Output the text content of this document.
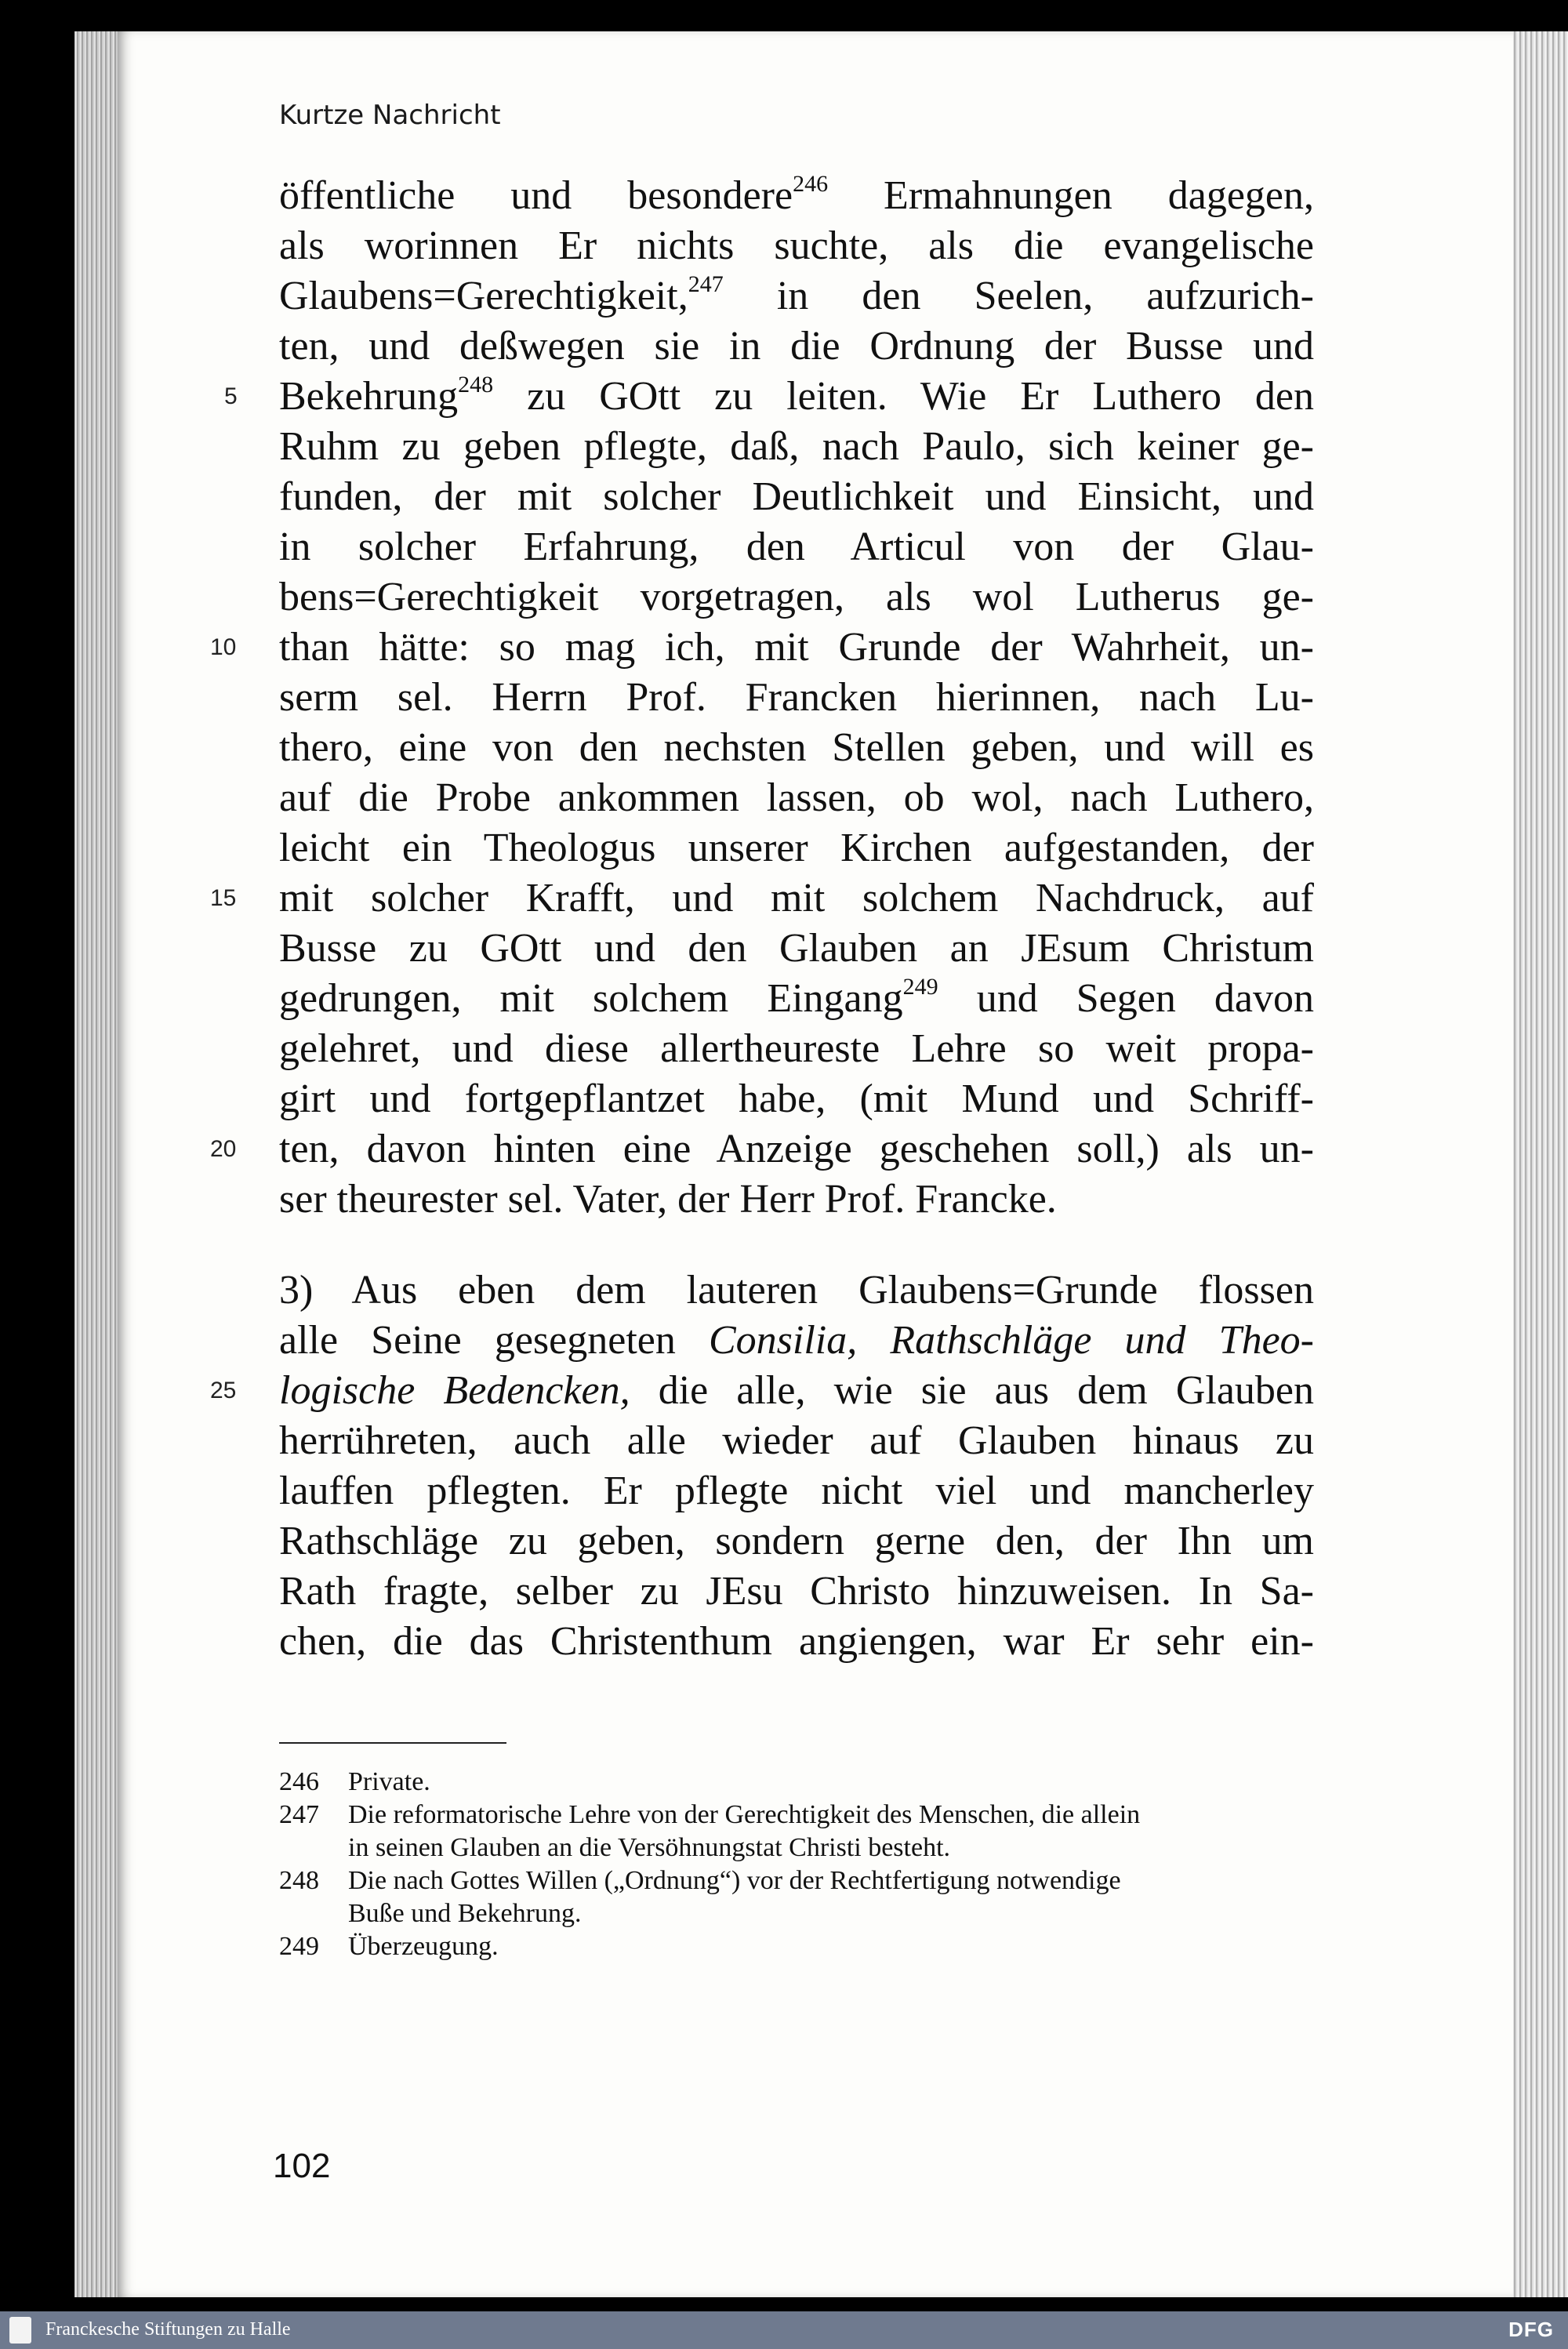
Kurtze Nachricht
öffentliche und besondere$^{246}$ Ermahnungen dagegen,
als worinnen Er nichts suchte, als die evangelische
Glaubens=Gerechtigkeit,$^{247}$ in den Seelen, aufzurich-
ten, und deßwegen sie in die Ordnung der Busse und
Bekehrung$^{248}$ zu GOtt zu leiten. Wie Er Luthero den
Ruhm zu geben pflegte, daß, nach Paulo, sich keiner ge-
funden, der mit solcher Deutlichkeit und Einsicht, und
in solcher Erfahrung, den Articul von der Glau-
bens=Gerechtigkeit vorgetragen, als wol Lutherus ge-
than hätte: so mag ich, mit Grunde der Wahrheit, un-
serm sel. Herrn Prof. Francken hierinnen, nach Lu-
thero, eine von den nechsten Stellen geben, und will es
auf die Probe ankommen lassen, ob wol, nach Luthero,
leicht ein Theologus unserer Kirchen aufgestanden, der
mit solcher Krafft, und mit solchem Nachdruck, auf
Busse zu GOtt und den Glauben an JEsum Christum
gedrungen, mit solchem Eingang$^{249}$ und Segen davon
gelehret, und diese allertheureste Lehre so weit propa-
girt und fortgepflantzet habe, (mit Mund und Schriff-
ten, davon hinten eine Anzeige geschehen soll,) als un-
ser theurester sel. Vater, der Herr Prof. Francke.
3) Aus eben dem lauteren Glaubens=Grunde flossen
alle Seine gesegneten Consilia, Rathschläge und Theo-
logische Bedencken, die alle, wie sie aus dem Glauben
herrühreten, auch alle wieder auf Glauben hinaus zu
lauffen pflegten. Er pflegte nicht viel und mancherley
Rathschläge zu geben, sondern gerne den, der Ihn um
Rath fragte, selber zu JEsu Christo hinzuweisen. In Sa-
chen, die das Christenthum angiengen, war Er sehr ein-
5
10
15
20
25
246 Private.
247 Die reformatorische Lehre von der Gerechtigkeit des Menschen, die allein
in seinen Glauben an die Versöhnungstat Christi besteht.
248 Die nach Gottes Willen („Ordnung“) vor der Rechtfertigung notwendige
Buße und Bekehrung.
249 Überzeugung.
102
Franckesche Stiftungen zu Halle	DFG
